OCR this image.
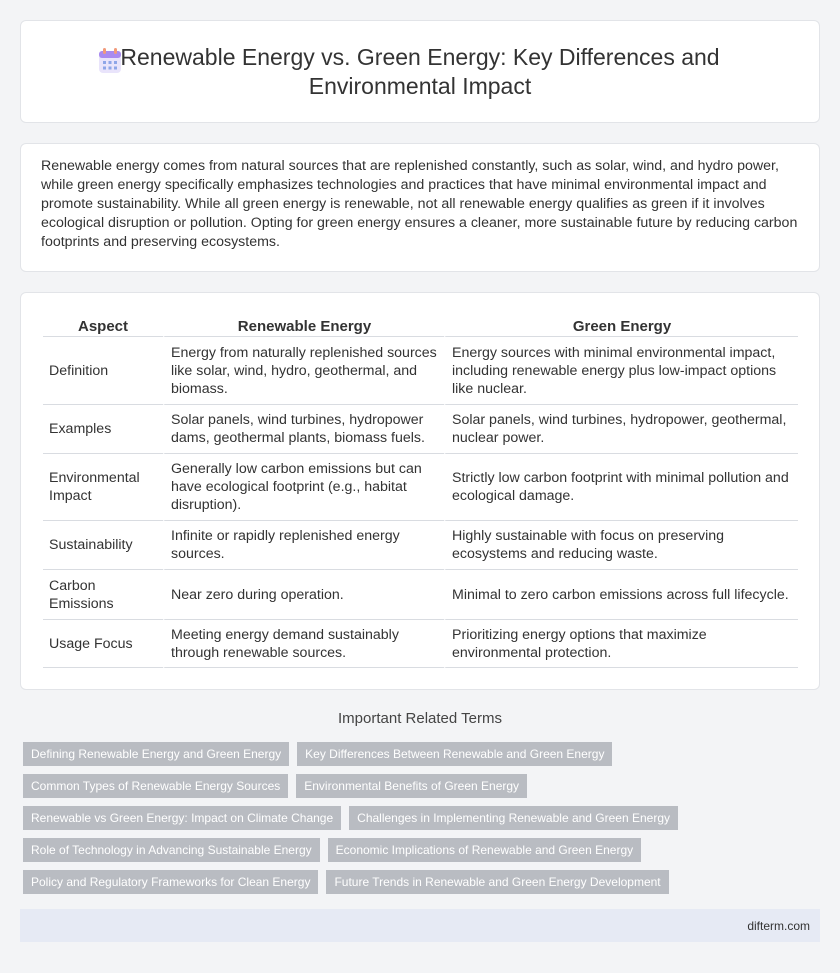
Renewable Energy vs. Green Energy: Key Differences and Environmental Impact

Renewable energy comes from natural sources that are replenished constantly, such as solar, wind, and hydro power, while green energy specifically emphasizes technologies and practices that have minimal environmental impact and promote sustainability. While all green energy is renewable, not all renewable energy qualifies as green if it involves ecological disruption or pollution. Opting for green energy ensures a cleaner, more sustainable future by reducing carbon footprints and preserving ecosystems.

Aspect	Renewable Energy	Green Energy
Definition	Energy from naturally replenished sources like solar, wind, hydro, geothermal, and biomass.	Energy sources with minimal environmental impact, including renewable energy plus low-impact options like nuclear.
Examples	Solar panels, wind turbines, hydropower dams, geothermal plants, biomass fuels.	Solar panels, wind turbines, hydropower, geothermal, nuclear power.
Environmental Impact	Generally low carbon emissions but can have ecological footprint (e.g., habitat disruption).	Strictly low carbon footprint with minimal pollution and ecological damage.
Sustainability	Infinite or rapidly replenished energy sources.	Highly sustainable with focus on preserving ecosystems and reducing waste.
Carbon Emissions	Near zero during operation.	Minimal to zero carbon emissions across full lifecycle.
Usage Focus	Meeting energy demand sustainably through renewable sources.	Prioritizing energy options that maximize environmental protection.
Important Related Terms
Defining Renewable Energy and Green Energy	Key Differences Between Renewable and Green Energy
Common Types of Renewable Energy Sources	Environmental Benefits of Green Energy
Renewable vs Green Energy: Impact on Climate Change	Challenges in Implementing Renewable and Green Energy
Role of Technology in Advancing Sustainable Energy	Economic Implications of Renewable and Green Energy
Policy and Regulatory Frameworks for Clean Energy	Future Trends in Renewable and Green Energy Development
difterm.com
